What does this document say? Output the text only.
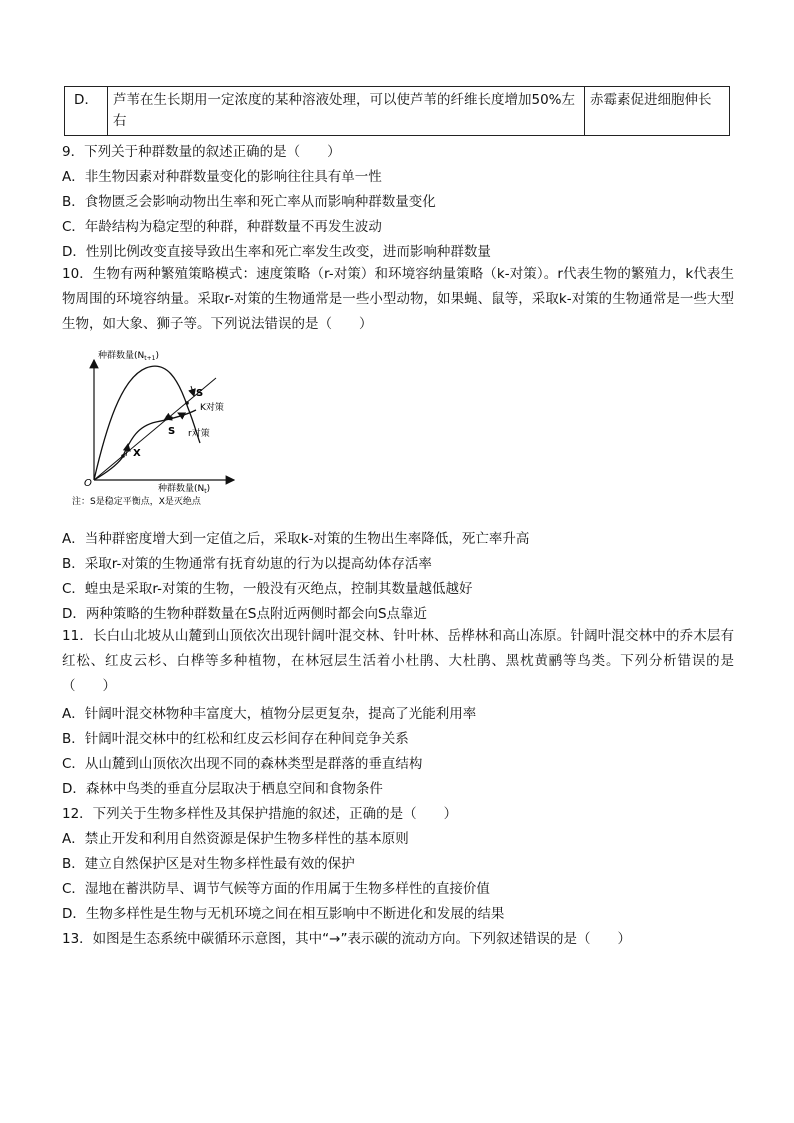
D．	芦苇在生长期用一定浓度的某种溶液处理，可以使芦苇的纤维长度增加50%左右	赤霉素促进细胞伸长
9．下列关于种群数量的叙述正确的是（　　）
A．非生物因素对种群数量变化的影响往往具有单一性
B．食物匮乏会影响动物出生率和死亡率从而影响种群数量变化
C．年龄结构为稳定型的种群，种群数量不再发生波动
D．性别比例改变直接导致出生率和死亡率发生改变，进而影响种群数量
10．生物有两种繁殖策略模式：速度策略（r-对策）和环境容纳量策略（k-对策）。r代表生物的繁殖力，k代表生物周围的环境容纳量。采取r-对策的生物通常是一些小型动物，如果蝇、鼠等，采取k-对策的生物通常是一些大型生物，如大象、狮子等。下列说法错误的是（　　）
种群数量$(N_{t+1})$
种群数量$(N_t)$
O
S
S
X
K对策
r对策
注：S是稳定平衡点，X是灭绝点
A．当种群密度增大到一定值之后，采取k-对策的生物出生率降低，死亡率升高
B．采取r-对策的生物通常有抚育幼崽的行为以提高幼体存活率
C．蝗虫是采取r-对策的生物，一般没有灭绝点，控制其数量越低越好
D．两种策略的生物种群数量在S点附近两侧时都会向S点靠近
11．长白山北坡从山麓到山顶依次出现针阔叶混交林、针叶林、岳桦林和高山冻原。针阔叶混交林中的乔木层有红松、红皮云杉、白桦等多种植物，在林冠层生活着小杜鹃、大杜鹃、黑枕黄鹂等鸟类。下列分析错误的是（　　）
A．针阔叶混交林物种丰富度大，植物分层更复杂，提高了光能利用率
B．针阔叶混交林中的红松和红皮云杉间存在种间竞争关系
C．从山麓到山顶依次出现不同的森林类型是群落的垂直结构
D．森林中鸟类的垂直分层取决于栖息空间和食物条件
12．下列关于生物多样性及其保护措施的叙述，正确的是（　　）
A．禁止开发和利用自然资源是保护生物多样性的基本原则
B．建立自然保护区是对生物多样性最有效的保护
C．湿地在蓄洪防旱、调节气候等方面的作用属于生物多样性的直接价值
D．生物多样性是生物与无机环境之间在相互影响中不断进化和发展的结果
13．如图是生态系统中碳循环示意图，其中“→”表示碳的流动方向。下列叙述错误的是（　　）
